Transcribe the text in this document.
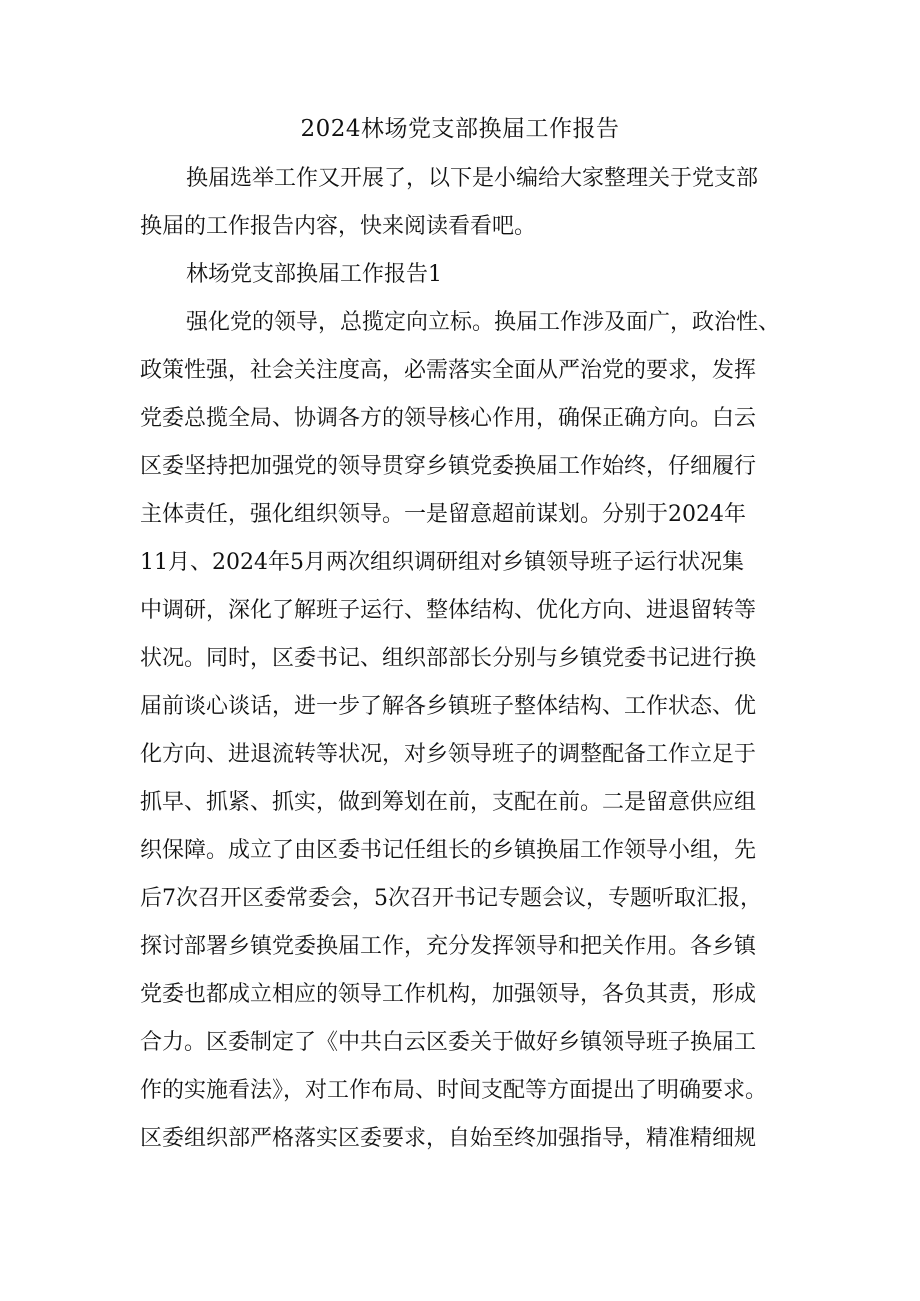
2024林场党支部换届工作报告
换届选举工作又开展了，以下是小编给大家整理关于党支部
换届的工作报告内容，快来阅读看看吧。
林场党支部换届工作报告1
强化党的领导，总揽定向立标。换届工作涉及面广，政治性、
政策性强，社会关注度高，必需落实全面从严治党的要求，发挥
党委总揽全局、协调各方的领导核心作用，确保正确方向。白云
区委坚持把加强党的领导贯穿乡镇党委换届工作始终，仔细履行
主体责任，强化组织领导。一是留意超前谋划。分别于2024年
11月、2024年5月两次组织调研组对乡镇领导班子运行状况集
中调研，深化了解班子运行、整体结构、优化方向、进退留转等
状况。同时，区委书记、组织部部长分别与乡镇党委书记进行换
届前谈心谈话，进一步了解各乡镇班子整体结构、工作状态、优
化方向、进退流转等状况，对乡领导班子的调整配备工作立足于
抓早、抓紧、抓实，做到筹划在前，支配在前。二是留意供应组
织保障。成立了由区委书记任组长的乡镇换届工作领导小组，先
后7次召开区委常委会，5次召开书记专题会议，专题听取汇报，
探讨部署乡镇党委换届工作，充分发挥领导和把关作用。各乡镇
党委也都成立相应的领导工作机构，加强领导，各负其责，形成
合力。区委制定了《中共白云区委关于做好乡镇领导班子换届工
作的实施看法》，对工作布局、时间支配等方面提出了明确要求。
区委组织部严格落实区委要求，自始至终加强指导，精准精细规
